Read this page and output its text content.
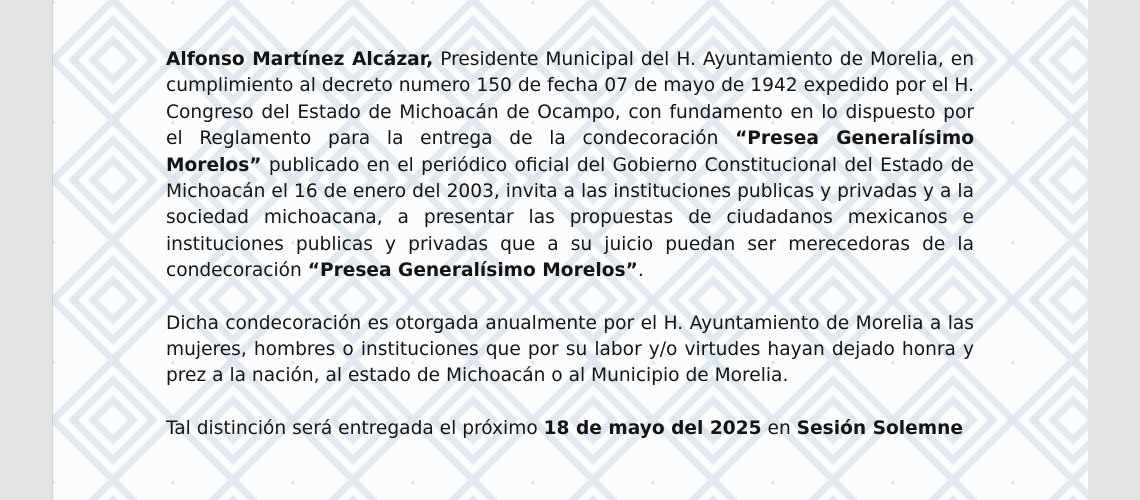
Alfonso Martínez Alcázar, Presidente Municipal del H. Ayuntamiento de Morelia, en cumplimiento al decreto numero 150 de fecha 07 de mayo de 1942 expedido por el H. Congreso del Estado de Michoacán de Ocampo, con fundamento en lo dispuesto por el Reglamento para la entrega de la condecoración “Presea Generalísimo Morelos” publicado en el periódico oficial del Gobierno Constitucional del Estado de Michoacán el 16 de enero del 2003, invita a las instituciones publicas y privadas y a la sociedad michoacana, a presentar las propuestas de ciudadanos mexicanos e instituciones publicas y privadas que a su juicio puedan ser merecedoras de la condecoración “Presea Generalísimo Morelos”.

Dicha condecoración es otorgada anualmente por el H. Ayuntamiento de Morelia a las mujeres, hombres o instituciones que por su labor y/o virtudes hayan dejado honra y prez a la nación, al estado de Michoacán o al Municipio de Morelia.

Tal distinción será entregada el próximo 18 de mayo del 2025 en Sesión Solemne
